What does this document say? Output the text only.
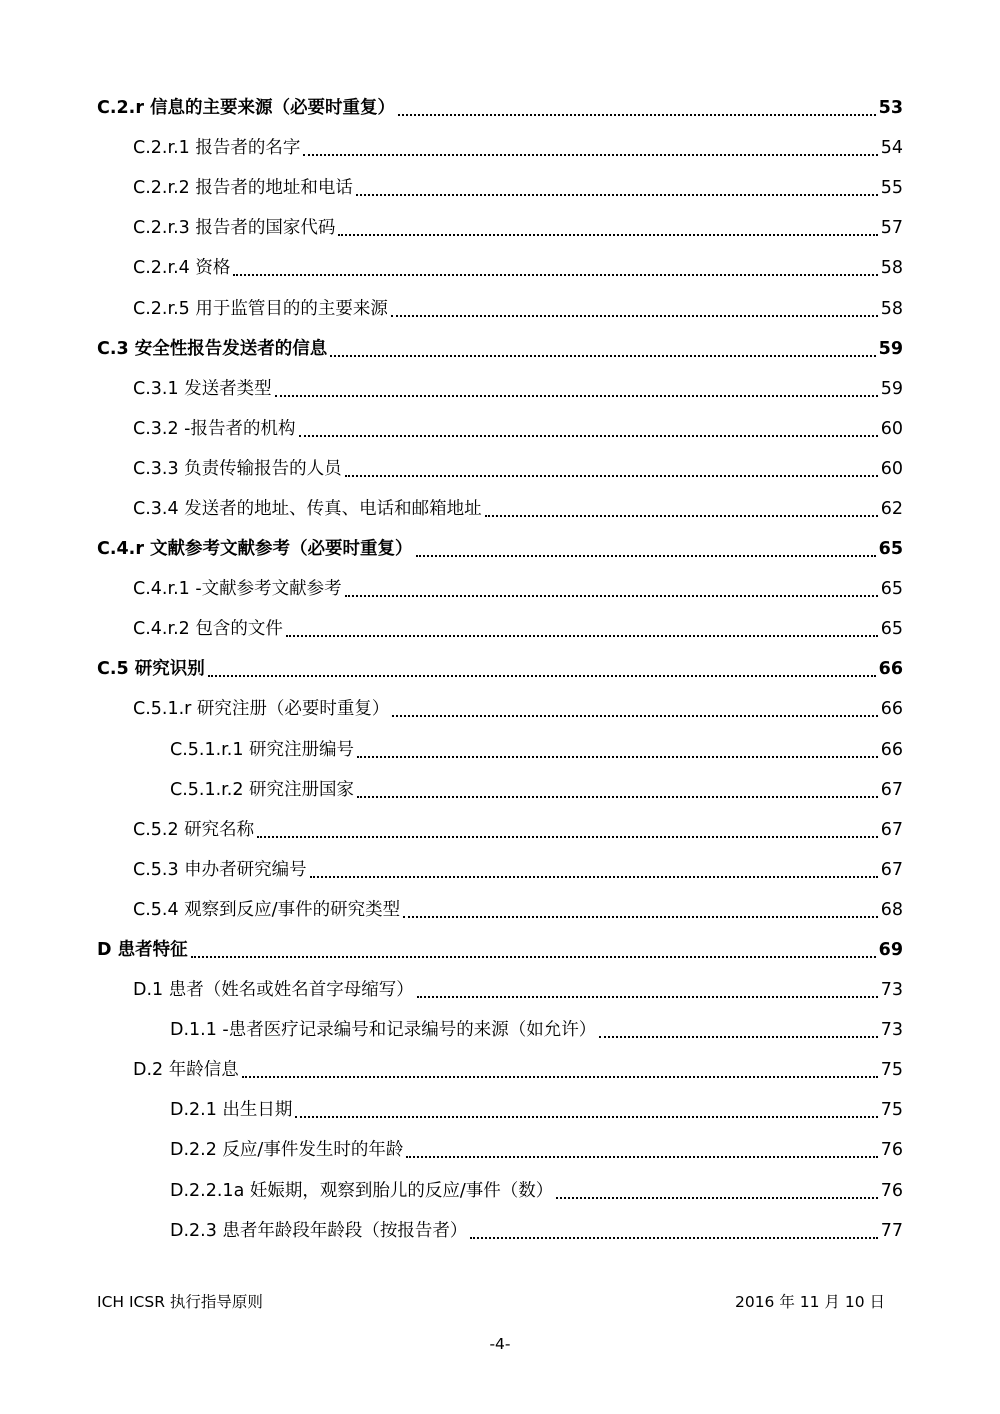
C.2.r 信息的主要来源（必要时重复）	53
C.2.r.1 报告者的名字	54
C.2.r.2 报告者的地址和电话	55
C.2.r.3 报告者的国家代码	57
C.2.r.4 资格	58
C.2.r.5 用于监管目的的主要来源	58
C.3 安全性报告发送者的信息	59
C.3.1 发送者类型	59
C.3.2 -报告者的机构	60
C.3.3 负责传输报告的人员	60
C.3.4 发送者的地址、传真、电话和邮箱地址	62
C.4.r 文献参考文献参考（必要时重复）	65
C.4.r.1 -文献参考文献参考	65
C.4.r.2 包含的文件	65
C.5 研究识别	66
C.5.1.r 研究注册（必要时重复）	66
C.5.1.r.1 研究注册编号	66
C.5.1.r.2 研究注册国家	67
C.5.2 研究名称	67
C.5.3 申办者研究编号	67
C.5.4 观察到反应/事件的研究类型	68
D 患者特征	69
D.1 患者（姓名或姓名首字母缩写）	73
D.1.1 -患者医疗记录编号和记录编号的来源（如允许）	73
D.2 年龄信息	75
D.2.1 出生日期	75
D.2.2 反应/事件发生时的年龄	76
D.2.2.1a 妊娠期，观察到胎儿的反应/事件（数）	76
D.2.3 患者年龄段年龄段（按报告者）	77
ICH ICSR 执行指导原则	2016 年 11 月 10 日
-4-
